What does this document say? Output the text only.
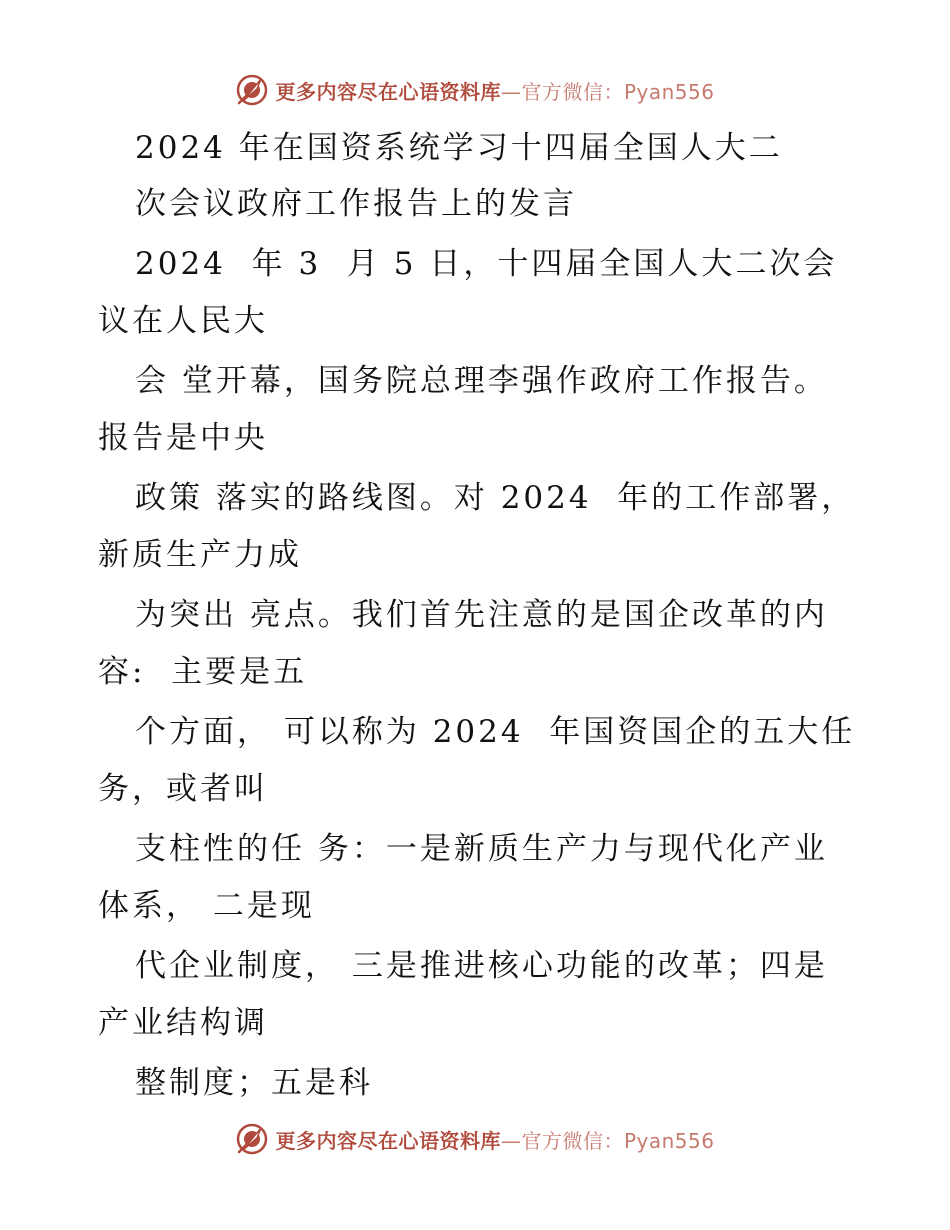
更多内容尽在心语资料库—官方微信：Pyan556
2024 年在国资系统学习十四届全国人大二
次会议政府工作报告上的发言
2024  年 3  月 5 日，十四届全国人大二次会
议在人民大
会 堂开幕，国务院总理李强作政府工作报告。
报告是中央
政策 落实的路线图。对 2024  年的工作部署，
新质生产力成
为突出 亮点。我们首先注意的是国企改革的内
容:  主要是五
个方面， 可以称为 2024  年国资国企的五大任
务，或者叫
支柱性的任 务：一是新质生产力与现代化产业
体系， 二是现
代企业制度， 三是推进核心功能的改革；四是
产业结构调
整制度；五是科
更多内容尽在心语资料库—官方微信：Pyan556
